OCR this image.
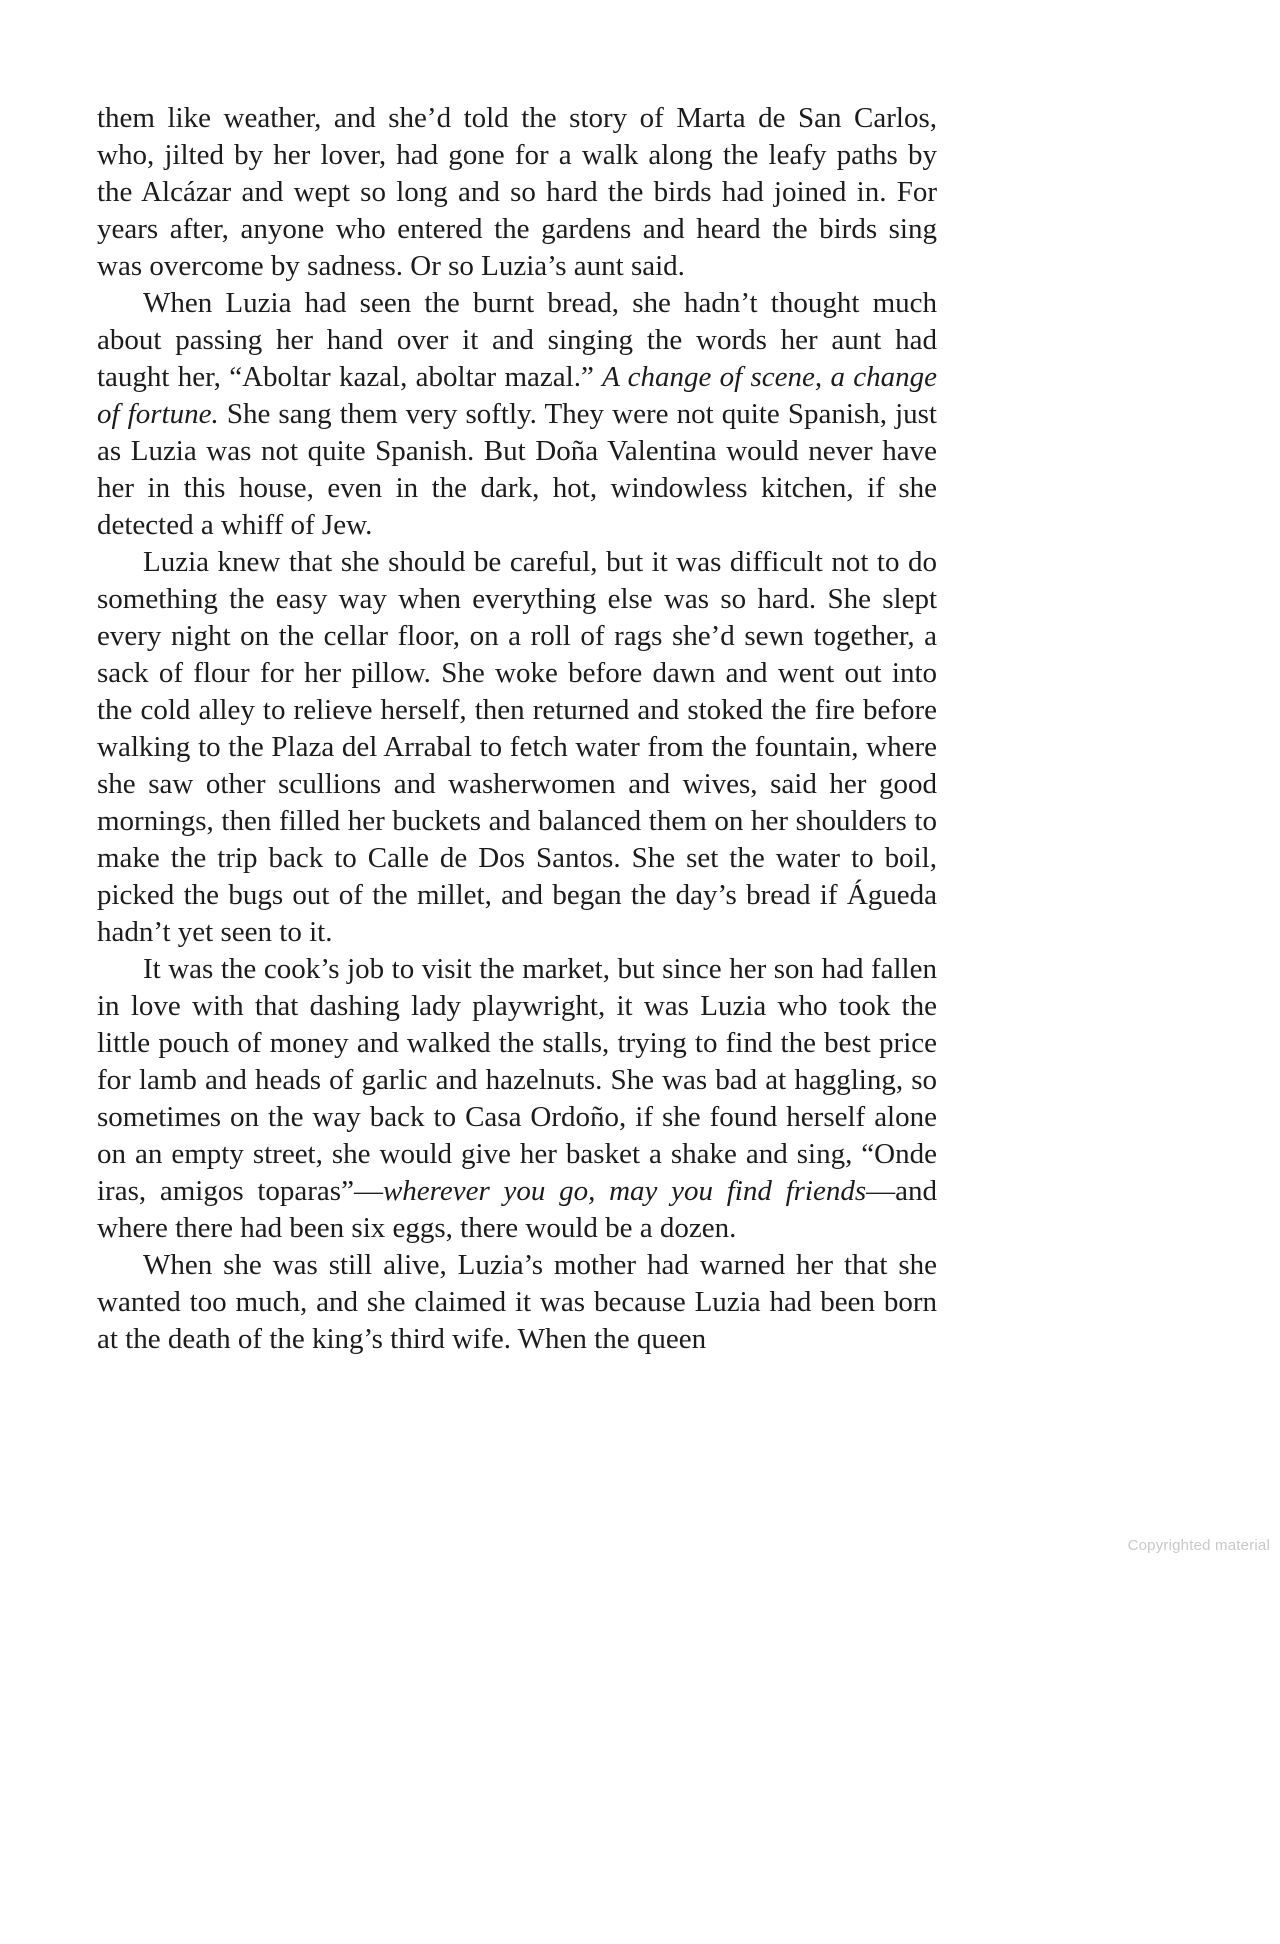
them like weather, and she’d told the story of Marta de San Carlos, who, jilted by her lover, had gone for a walk along the leafy paths by the Alcázar and wept so long and so hard the birds had joined in. For years after, anyone who entered the gardens and heard the birds sing was overcome by sadness. Or so Luzia’s aunt said.

When Luzia had seen the burnt bread, she hadn’t thought much about passing her hand over it and singing the words her aunt had taught her, “Aboltar kazal, aboltar mazal.” A change of scene, a change of fortune. She sang them very softly. They were not quite Spanish, just as Luzia was not quite Spanish. But Doña Valentina would never have her in this house, even in the dark, hot, windowless kitchen, if she detected a whiff of Jew.

Luzia knew that she should be careful, but it was difficult not to do something the easy way when everything else was so hard. She slept every night on the cellar floor, on a roll of rags she’d sewn together, a sack of flour for her pillow. She woke before dawn and went out into the cold alley to relieve herself, then returned and stoked the fire before walking to the Plaza del Arrabal to fetch water from the fountain, where she saw other scullions and washerwomen and wives, said her good mornings, then filled her buckets and balanced them on her shoulders to make the trip back to Calle de Dos Santos. She set the water to boil, picked the bugs out of the millet, and began the day’s bread if Águeda hadn’t yet seen to it.

It was the cook’s job to visit the market, but since her son had fallen in love with that dashing lady playwright, it was Luzia who took the little pouch of money and walked the stalls, trying to find the best price for lamb and heads of garlic and hazelnuts. She was bad at haggling, so sometimes on the way back to Casa Ordoño, if she found herself alone on an empty street, she would give her basket a shake and sing, “Onde iras, amigos toparas”—wherever you go, may you find friends—and where there had been six eggs, there would be a dozen.

When she was still alive, Luzia’s mother had warned her that she wanted too much, and she claimed it was because Luzia had been born at the death of the king’s third wife. When the queen

Copyrighted material
